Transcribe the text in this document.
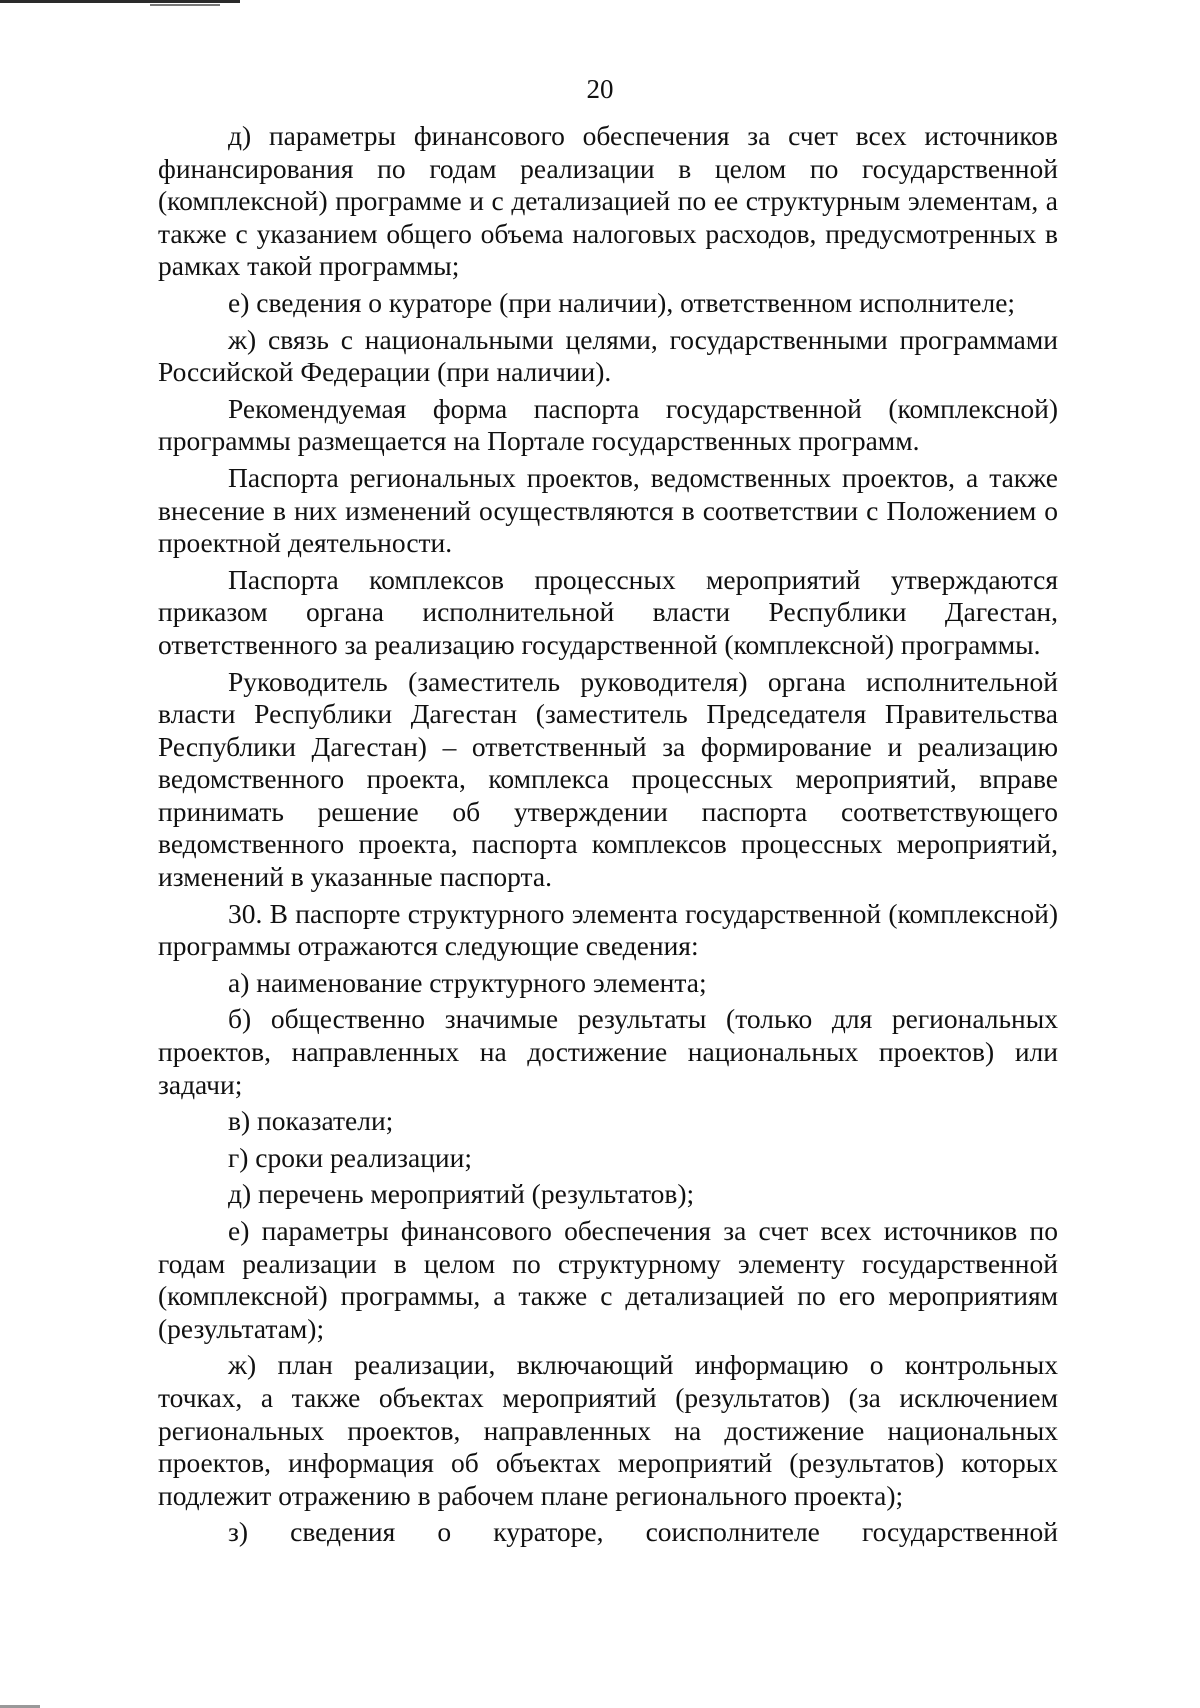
20

д) параметры финансового обеспечения за счет всех источников финансирования по годам реализации в целом по государственной (комплексной) программе и с детализацией по ее структурным элементам, а также с указанием общего объема налоговых расходов, предусмотренных в рамках такой программы;

е) сведения о кураторе (при наличии), ответственном исполнителе;

ж) связь с национальными целями, государственными программами Российской Федерации (при наличии).

Рекомендуемая форма паспорта государственной (комплексной) программы размещается на Портале государственных программ.

Паспорта региональных проектов, ведомственных проектов, а также внесение в них изменений осуществляются в соответствии с Положением о проектной деятельности.

Паспорта комплексов процессных мероприятий утверждаются приказом органа исполнительной власти Республики Дагестан, ответственного за реализацию государственной (комплексной) программы.

Руководитель (заместитель руководителя) органа исполнительной власти Республики Дагестан (заместитель Председателя Правительства Республики Дагестан) – ответственный за формирование и реализацию ведомственного проекта, комплекса процессных мероприятий, вправе принимать решение об утверждении паспорта соответствующего ведомственного проекта, паспорта комплексов процессных мероприятий, изменений в указанные паспорта.

30. В паспорте структурного элемента государственной (комплексной) программы отражаются следующие сведения:

а) наименование структурного элемента;

б) общественно значимые результаты (только для региональных проектов, направленных на достижение национальных проектов) или задачи;

в) показатели;

г) сроки реализации;

д) перечень мероприятий (результатов);

е) параметры финансового обеспечения за счет всех источников по годам реализации в целом по структурному элементу государственной (комплексной) программы, а также с детализацией по его мероприятиям (результатам);

ж) план реализации, включающий информацию о контрольных точках, а также объектах мероприятий (результатов) (за исключением региональных проектов, направленных на достижение национальных проектов, информация об объектах мероприятий (результатов) которых подлежит отражению в рабочем плане регионального проекта);

з) сведения о кураторе, соисполнителе государственной
